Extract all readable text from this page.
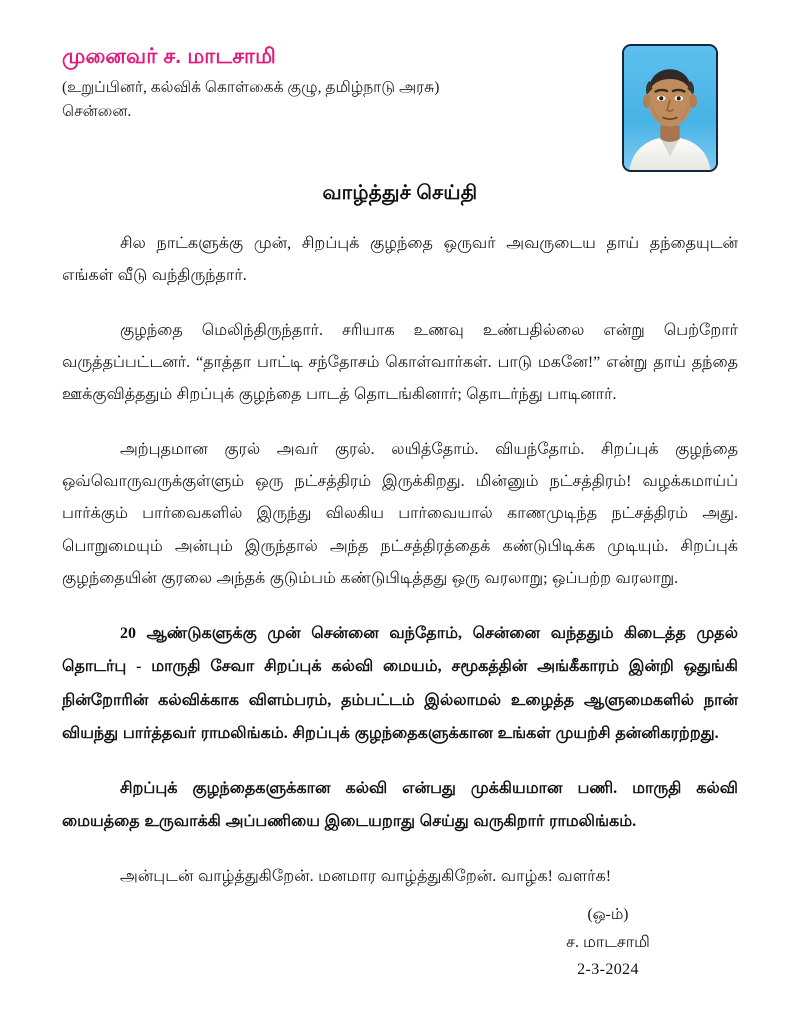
முனைவர் ச. மாடசாமி
(உறுப்பினர், கல்விக் கொள்கைக் குழு, தமிழ்நாடு அரசு)
சென்னை.
வாழ்த்துச் செய்தி

சில நாட்களுக்கு முன், சிறப்புக் குழந்தை ஒருவர் அவருடைய தாய் தந்தையுடன் எங்கள் வீடு வந்திருந்தார்.

குழந்தை மெலிந்திருந்தார். சரியாக உணவு உண்பதில்லை என்று பெற்றோர் வருத்தப்பட்டனர். “தாத்தா பாட்டி சந்தோசம் கொள்வார்கள். பாடு மகனே!” என்று தாய் தந்தை ஊக்குவித்ததும் சிறப்புக் குழந்தை பாடத் தொடங்கினார்; தொடர்ந்து பாடினார்.

அற்புதமான குரல் அவர் குரல். லயித்தோம். வியந்தோம். சிறப்புக் குழந்தை ஒவ்வொருவருக்குள்ளும் ஒரு நட்சத்திரம் இருக்கிறது. மின்னும் நட்சத்திரம்! வழக்கமாய்ப் பார்க்கும் பார்வைகளில் இருந்து விலகிய பார்வையால் காணமுடிந்த நட்சத்திரம் அது. பொறுமையும் அன்பும் இருந்தால் அந்த நட்சத்திரத்தைக் கண்டுபிடிக்க முடியும். சிறப்புக் குழந்தையின் குரலை அந்தக் குடும்பம் கண்டுபிடித்தது ஒரு வரலாறு; ஒப்பற்ற வரலாறு.

20 ஆண்டுகளுக்கு முன் சென்னை வந்தோம், சென்னை வந்ததும் கிடைத்த முதல் தொடர்பு - மாருதி சேவா சிறப்புக் கல்வி மையம், சமூகத்தின் அங்கீகாரம் இன்றி ஒதுங்கி நின்றோரின் கல்விக்காக விளம்பரம், தம்பட்டம் இல்லாமல் உழைத்த ஆளுமைகளில் நான் வியந்து பார்த்தவர் ராமலிங்கம். சிறப்புக் குழந்தைகளுக்கான உங்கள் முயற்சி தன்னிகரற்றது.

சிறப்புக் குழந்தைகளுக்கான கல்வி என்பது முக்கியமான பணி. மாருதி கல்வி மையத்தை உருவாக்கி அப்பணியை இடையறாது செய்து வருகிறார் ராமலிங்கம்.

அன்புடன் வாழ்த்துகிறேன். மனமார வாழ்த்துகிறேன். வாழ்க! வளர்க!

(ஒ-ம்)
ச. மாடசாமி
2-3-2024
